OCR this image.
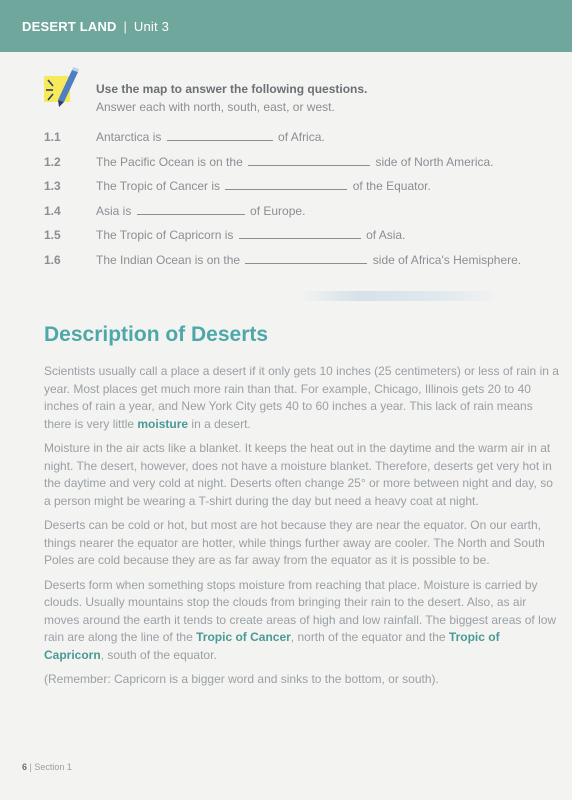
DESERT LAND | Unit 3
Use the map to answer the following questions.
Answer each with north, south, east, or west.
1.1	Antarctica is	of Africa.
1.2	The Pacific Ocean is on the	side of North America.
1.3	The Tropic of Cancer is	of the Equator.
1.4	Asia is	of Europe.
1.5	The Tropic of Capricorn is	of Asia.
1.6	The Indian Ocean is on the	side of Africa's Hemisphere.
Description of Deserts

Scientists usually call a place a desert if it only gets 10 inches (25 centimeters) or less of rain in a year. Most places get much more rain than that. For example, Chicago, Illinois gets 20 to 40 inches of rain a year, and New York City gets 40 to 60 inches a year. This lack of rain means there is very little moisture in a desert.

Moisture in the air acts like a blanket. It keeps the heat out in the daytime and the warm air in at night. The desert, however, does not have a moisture blanket. Therefore, deserts get very hot in the daytime and very cold at night. Deserts often change 25° or more between night and day, so a person might be wearing a T-shirt during the day but need a heavy coat at night.

Deserts can be cold or hot, but most are hot because they are near the equator. On our earth, things nearer the equator are hotter, while things further away are cooler. The North and South Poles are cold because they are as far away from the equator as it is possible to be.

Deserts form when something stops moisture from reaching that place. Moisture is carried by clouds. Usually mountains stop the clouds from bringing their rain to the desert. Also, as air moves around the earth it tends to create areas of high and low rainfall. The biggest areas of low rain are along the line of the Tropic of Cancer, north of the equator and the Tropic of Capricorn, south of the equator.

(Remember: Capricorn is a bigger word and sinks to the bottom, or south).

6 | Section 1
